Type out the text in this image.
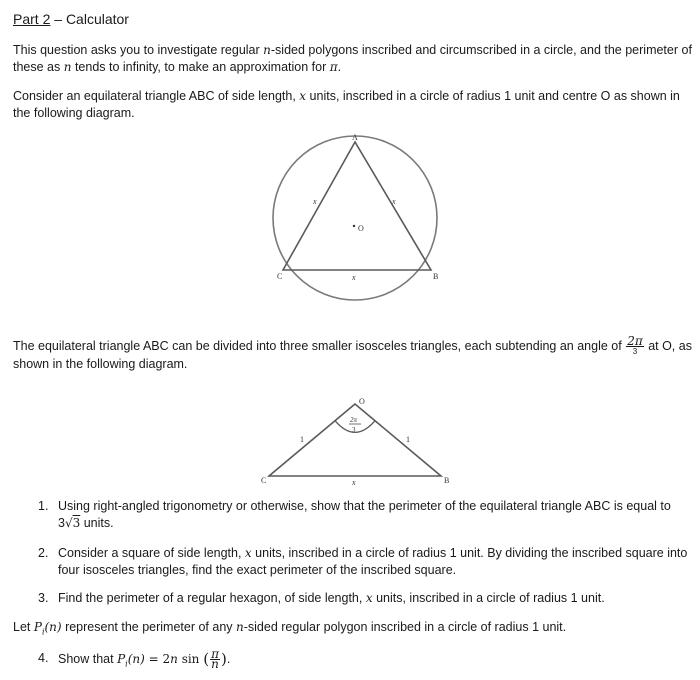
Part 2 – Calculator

This question asks you to investigate regular n-sided polygons inscribed and circumscribed in a circle, and the perimeter of these as n tends to infinity, to make an approximation for π.

Consider an equilateral triangle ABC of side length, x units, inscribed in a circle of radius 1 unit and centre O as shown in the following diagram.

A
B
C
O
x	x
x

The equilateral triangle ABC can be divided into three smaller isosceles triangles, each subtending an angle of $\frac{2\pi}{3}$ at O, as shown in the following diagram.

O
C	B
1	1
x
2π
3
1. Using right-angled trigonometry or otherwise, show that the perimeter of the equilateral triangle ABC is equal to 3√3 units.
2. Consider a square of side length, x units, inscribed in a circle of radius 1 unit. By dividing the inscribed square into four isosceles triangles, find the exact perimeter of the inscribed square.
3. Find the perimeter of a regular hexagon, of side length, x units, inscribed in a circle of radius 1 unit.

Let $P_i(n)$ represent the perimeter of any n-sided regular polygon inscribed in a circle of radius 1 unit.

4. Show that $P_i(n) = 2n$ sin ( $\frac{\pi}{n}$ ).
